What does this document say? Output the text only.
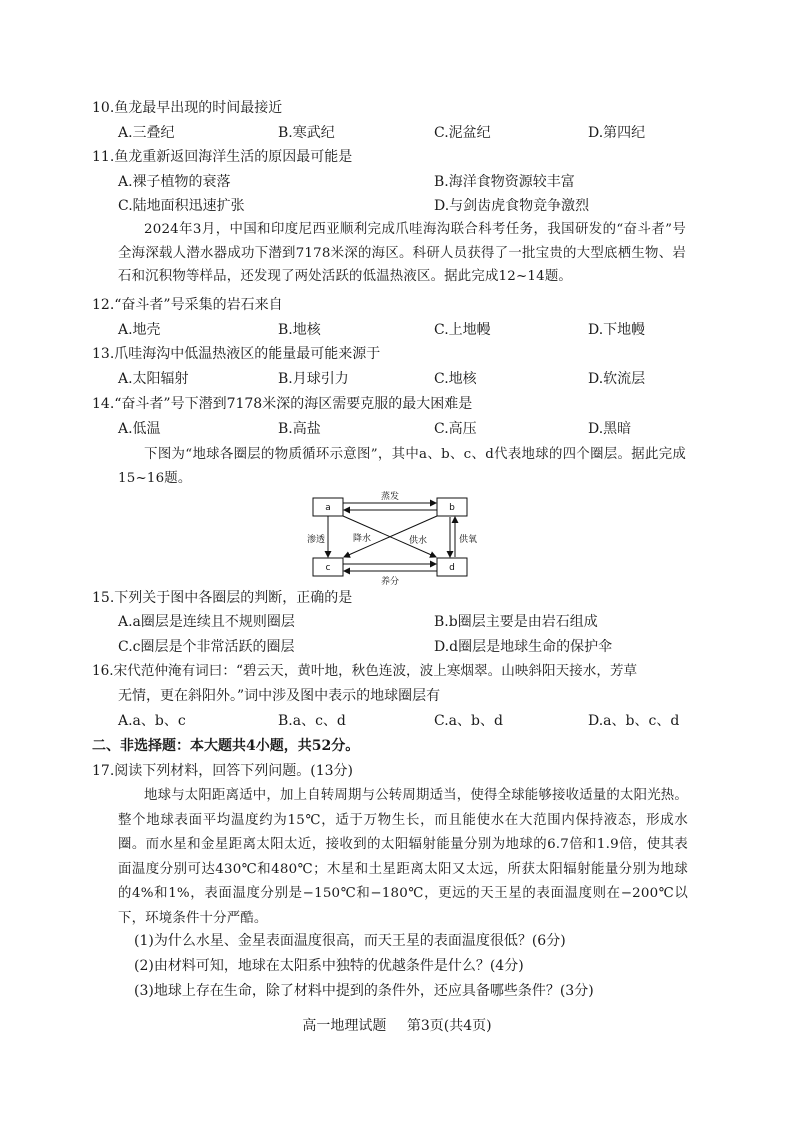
10.鱼龙最早出现的时间最接近
A.三叠纪	B.寒武纪	C.泥盆纪	D.第四纪
11.鱼龙重新返回海洋生活的原因最可能是
A.裸子植物的衰落	B.海洋食物资源较丰富
C.陆地面积迅速扩张	D.与剑齿虎食物竞争激烈
2024年3月，中国和印度尼西亚顺利完成爪哇海沟联合科考任务，我国研发的“奋斗者”号全海深载人潜水器成功下潜到7178米深的海区。科研人员获得了一批宝贵的大型底栖生物、岩石和沉积物等样品，还发现了两处活跃的低温热液区。据此完成12~14题。
12.“奋斗者”号采集的岩石来自
A.地壳	B.地核	C.上地幔	D.下地幔
13.爪哇海沟中低温热液区的能量最可能来源于
A.太阳辐射	B.月球引力	C.地核	D.软流层
14.“奋斗者”号下潜到7178米深的海区需要克服的最大困难是
A.低温	B.高盐	C.高压	D.黑暗
下图为“地球各圈层的物质循环示意图”，其中a、b、c、d代表地球的四个圈层。据此完成15~16题。
a	b
c	d
蒸发
养分
渗透	供氧
降水	供水
15.下列关于图中各圈层的判断，正确的是
A.a圈层是连续且不规则圈层	B.b圈层主要是由岩石组成
C.c圈层是个非常活跃的圈层	D.d圈层是地球生命的保护伞
16.宋代范仲淹有词曰：“碧云天，黄叶地，秋色连波，波上寒烟翠。山映斜阳天接水，芳草
无情，更在斜阳外。”词中涉及图中表示的地球圈层有
A.a、b、c	B.a、c、d	C.a、b、d	D.a、b、c、d
二、非选择题：本大题共4小题，共52分。
17.阅读下列材料，回答下列问题。(13分)
地球与太阳距离适中，加上自转周期与公转周期适当，使得全球能够接收适量的太阳光热。整个地球表面平均温度约为15℃，适于万物生长，而且能使水在大范围内保持液态，形成水圈。而水星和金星距离太阳太近，接收到的太阳辐射能量分别为地球的6.7倍和1.9倍，使其表面温度分别可达430℃和480℃；木星和土星距离太阳又太远，所获太阳辐射能量分别为地球的4%和1%，表面温度分别是−150℃和−180℃，更远的天王星的表面温度则在−200℃以下，环境条件十分严酷。
(1)为什么水星、金星表面温度很高，而天王星的表面温度很低？(6分)
(2)由材料可知，地球在太阳系中独特的优越条件是什么？(4分)
(3)地球上存在生命，除了材料中提到的条件外，还应具备哪些条件？(3分)
高一地理试题 第3页(共4页)
